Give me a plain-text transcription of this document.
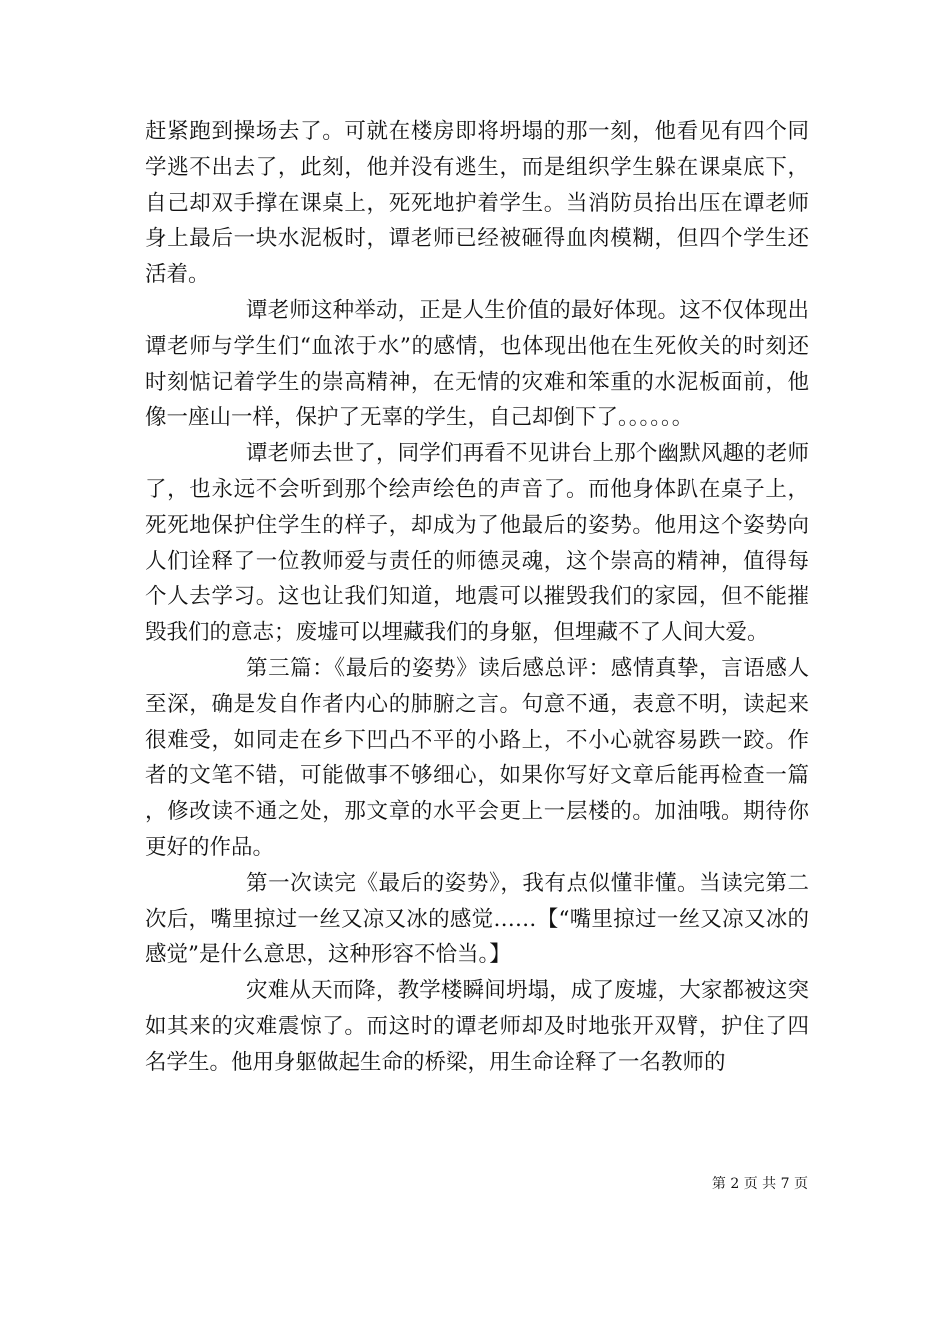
赶紧跑到操场去了。可就在楼房即将坍塌的那一刻，他看见有四个同学逃不出去了，此刻，他并没有逃生，而是组织学生躲在课桌底下，自己却双手撑在课桌上，死死地护着学生。当消防员抬出压在谭老师身上最后一块水泥板时，谭老师已经被砸得血肉模糊，但四个学生还活着。

谭老师这种举动，正是人生价值的最好体现。这不仅体现出谭老师与学生们“血浓于水”的感情，也体现出他在生死攸关的时刻还时刻惦记着学生的崇高精神，在无情的灾难和笨重的水泥板面前，他像一座山一样，保护了无辜的学生，自己却倒下了。。。。。。

谭老师去世了，同学们再看不见讲台上那个幽默风趣的老师了，也永远不会听到那个绘声绘色的声音了。而他身体趴在桌子上，死死地保护住学生的样子，却成为了他最后的姿势。他用这个姿势向人们诠释了一位教师爱与责任的师德灵魂，这个崇高的精神，值得每个人去学习。这也让我们知道，地震可以摧毁我们的家园，但不能摧毁我们的意志；废墟可以埋藏我们的身躯，但埋藏不了人间大爱。

第三篇：《最后的姿势》读后感总评：感情真挚，言语感人至深，确是发自作者内心的肺腑之言。句意不通，表意不明，读起来很难受，如同走在乡下凹凸不平的小路上，不小心就容易跌一跤。作者的文笔不错，可能做事不够细心，如果你写好文章后能再检查一篇，修改读不通之处，那文章的水平会更上一层楼的。加油哦。期待你更好的作品。

第一次读完《最后的姿势》，我有点似懂非懂。当读完第二次后，嘴里掠过一丝又凉又冰的感觉……【“嘴里掠过一丝又凉又冰的感觉”是什么意思，这种形容不恰当。】

灾难从天而降，教学楼瞬间坍塌，成了废墟，大家都被这突如其来的灾难震惊了。而这时的谭老师却及时地张开双臂，护住了四名学生。他用身躯做起生命的桥梁，用生命诠释了一名教师的

第 2 页 共 7 页
